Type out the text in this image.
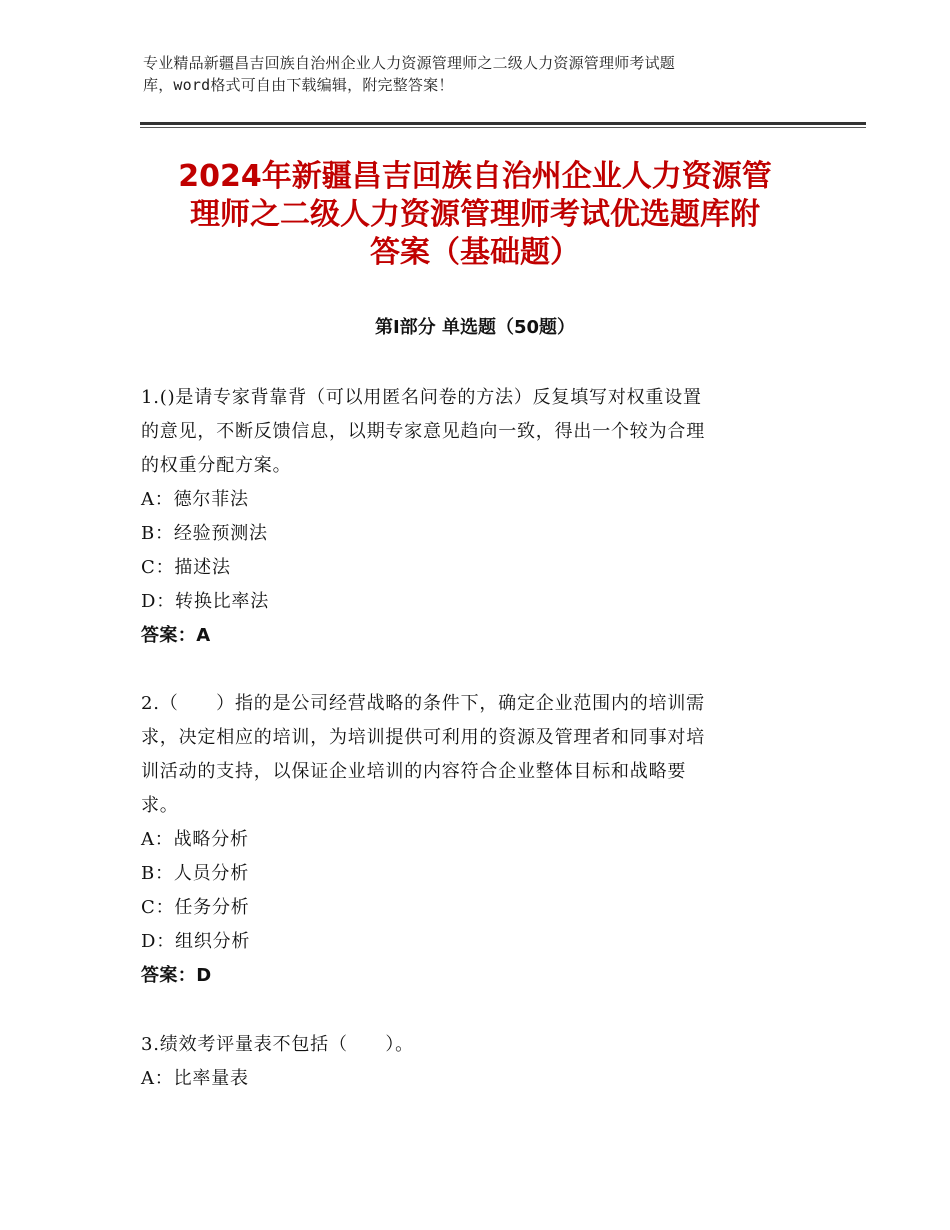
专业精品新疆昌吉回族自治州企业人力资源管理师之二级人力资源管理师考试题
库，word格式可自由下载编辑，附完整答案！
2024年新疆昌吉回族自治州企业人力资源管
理师之二级人力资源管理师考试优选题库附
答案（基础题）
第Ⅰ部分 单选题（50题）
1.()是请专家背靠背（可以用匿名问卷的方法）反复填写对权重设置
的意见，不断反馈信息，以期专家意见趋向一致，得出一个较为合理
的权重分配方案。
A：德尔菲法
B：经验预测法
C：描述法
D：转换比率法
答案：A
2.（　　）指的是公司经营战略的条件下，确定企业范围内的培训需
求，决定相应的培训，为培训提供可利用的资源及管理者和同事对培
训活动的支持，以保证企业培训的内容符合企业整体目标和战略要
求。
A：战略分析
B：人员分析
C：任务分析
D：组织分析
答案：D
3.绩效考评量表不包括（　　）。
A：比率量表
